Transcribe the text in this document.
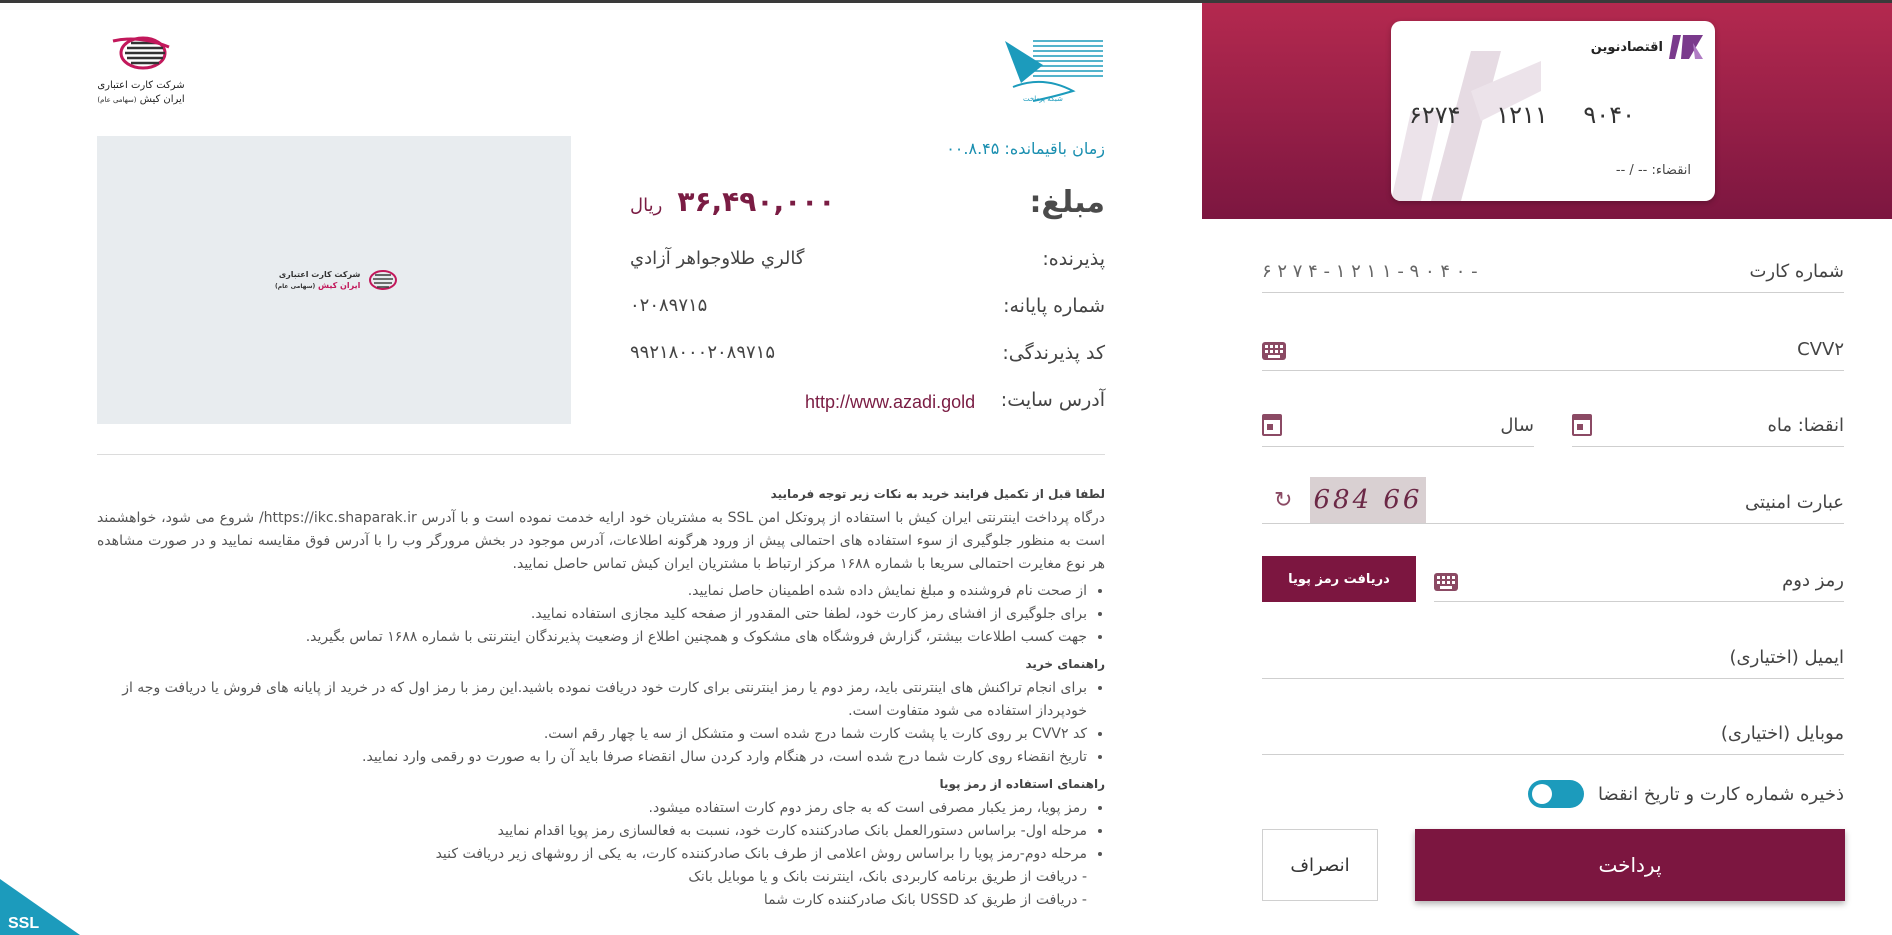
شبکه پرداخت
شرکت کارت اعتباری
ایران کیش (سهامی عام)
زمان باقیمانده: ۰۰.۸.۴۵
مبلغ:
۳۶,۴۹۰,۰۰۰ ریال
پذیرنده:
گالري طلاوجواهر آزادي
شماره پایانه:
۰۲۰۸۹۷۱۵
کد پذیرندگی:
۹۹۲۱۸۰۰۰۲۰۸۹۷۱۵
آدرس سایت:
http://www.azadi.gold
شرکت کارت اعتباری
ایران کیش (سهامی عام)
لطفا قبل از تکمیل فرایند خرید به نکات زیر توجه فرمایید

درگاه پرداخت اینترنتی ایران کیش با استفاده از پروتکل امن SSL به مشتریان خود ارایه خدمت نموده است و با آدرس https://ikc.shaparak.ir/ شروع می شود، خواهشمند است به منظور جلوگیری از سوء استفاده های احتمالی پیش از ورود هرگونه اطلاعات، آدرس موجود در بخش مرورگر وب را با آدرس فوق مقایسه نمایید و در صورت مشاهده هر نوع مغایرت احتمالی سریعا با شماره ۱۶۸۸ مرکز ارتباط با مشتریان ایران کیش تماس حاصل نمایید.

• از صحت نام فروشنده و مبلغ نمایش داده شده اطمینان حاصل نمایید.
• برای جلوگیری از افشای رمز کارت خود، لطفا حتی المقدور از صفحه کلید مجازی استفاده نمایید.
• جهت کسب اطلاعات بیشتر، گزارش فروشگاه های مشکوک و همچنین اطلاع از وضعیت پذیرندگان اینترنتی با شماره ۱۶۸۸ تماس بگیرید.
راهنمای خرید
• برای انجام تراکنش های اینترنتی باید، رمز دوم یا رمز اینترنتی برای کارت خود دریافت نموده باشید.این رمز با رمز اول که در خرید از پایانه های فروش یا دریافت وجه از خودپرداز استفاده می شود متفاوت است.
• کد CVV۲ بر روی کارت یا پشت کارت شما درج شده است و متشکل از سه یا چهار رقم است.
• تاریخ انقضاء روی کارت شما درج شده است، در هنگام وارد کردن سال انقضاء صرفا باید آن را به صورت دو رقمی وارد نمایید.
راهنمای استفاده از رمز پویا
• رمز پویا، رمز یکبار مصرفی است که به جای رمز دوم کارت استفاده میشود.
• مرحله اول- براساس دستورالعمل بانک صادرکننده کارت خود، نسبت به فعالسازی رمز پویا اقدام نمایید
• مرحله دوم-رمز پویا را براساس روش اعلامی از طرف بانک صادرکننده کارت، به یکی از روشهای زیر دریافت کنید
- دریافت از طریق برنامه کاربردی بانک، اینترنت بانک و یا موبایل بانک
- دریافت از طریق کد USSD بانک صادرکننده کارت شما
SSL
اقتصادنوین
۶۲۷۴ ۱۲۱۱ ۹۰۴۰
انقضاء: -- / --
شماره کارت
۶ ۲ ۷ ۴ - ۱ ۲ ۱ ۱ - ۹ ۰ ۴ ۰ -
CVV۲
انقضا: ماه
سال
عبارت امنیتی
684 66
↻
رمز دوم
دریافت رمز پویا
ایمیل (اختیاری)
موبایل (اختیاری)
ذخیره شماره کارت و تاریخ انقضا
پرداخت
انصراف
